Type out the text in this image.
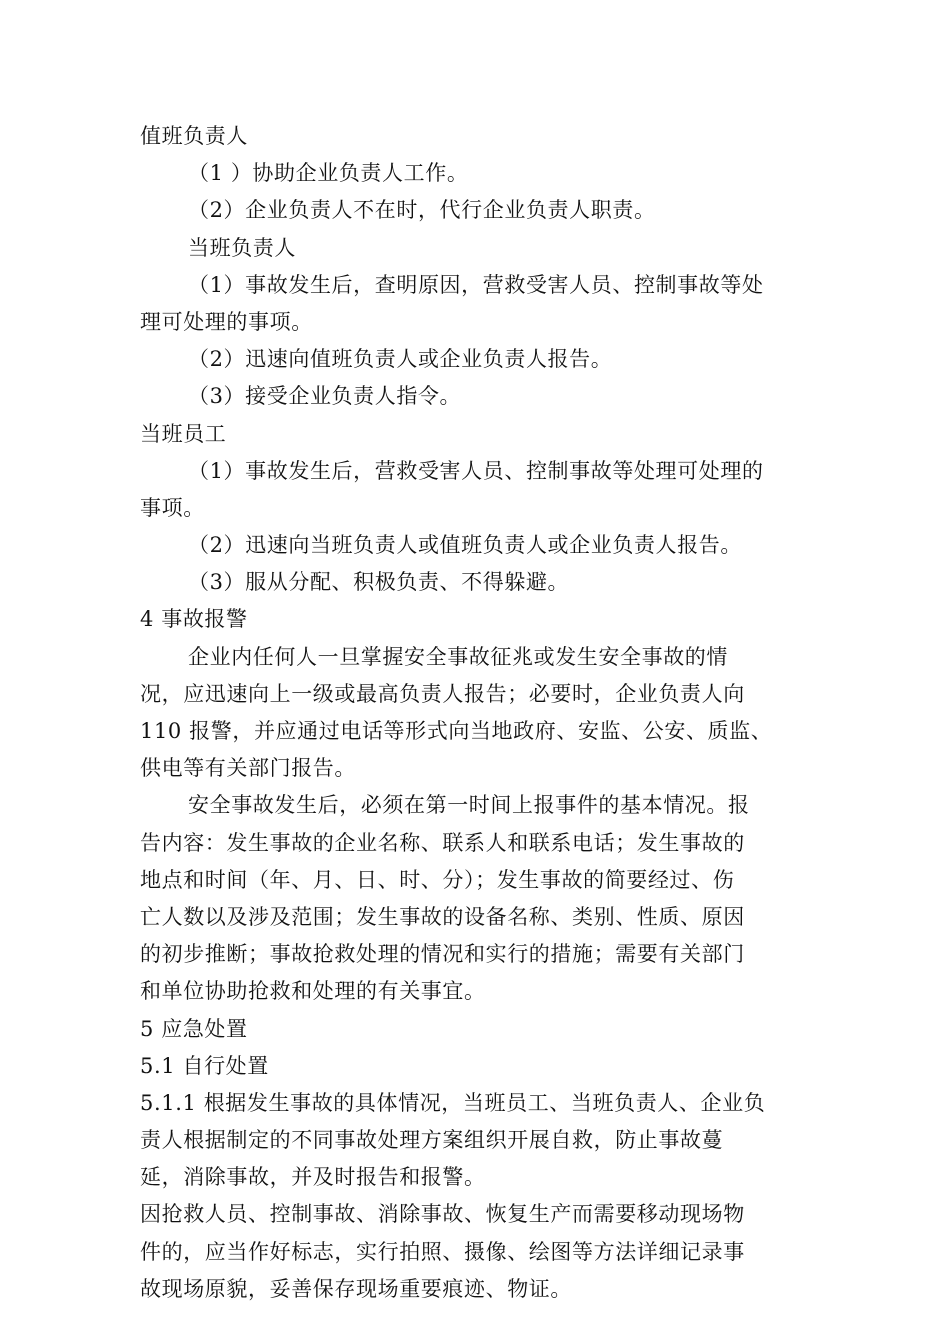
值班负责人
（1 ）协助企业负责人工作。
（2）企业负责人不在时，代行企业负责人职责。
当班负责人
（1）事故发生后，查明原因，营救受害人员、控制事故等处
理可处理的事项。
（2）迅速向值班负责人或企业负责人报告。
（3）接受企业负责人指令。
当班员工
（1）事故发生后，营救受害人员、控制事故等处理可处理的
事项。
（2）迅速向当班负责人或值班负责人或企业负责人报告。
（3）服从分配、积极负责、不得躲避。
4 事故报警
企业内任何人一旦掌握安全事故征兆或发生安全事故的情
况，应迅速向上一级或最高负责人报告；必要时，企业负责人向
110 报警，并应通过电话等形式向当地政府、安监、公安、质监、
供电等有关部门报告。
安全事故发生后，必须在第一时间上报事件的基本情况。报
告内容：发生事故的企业名称、联系人和联系电话；发生事故的
地点和时间（年、月、日、时、分）；发生事故的简要经过、伤
亡人数以及涉及范围；发生事故的设备名称、类别、性质、原因
的初步推断；事故抢救处理的情况和实行的措施；需要有关部门
和单位协助抢救和处理的有关事宜。
5 应急处置
5.1 自行处置
5.1.1 根据发生事故的具体情况，当班员工、当班负责人、企业负
责人根据制定的不同事故处理方案组织开展自救，防止事故蔓
延，消除事故，并及时报告和报警。
因抢救人员、控制事故、消除事故、恢复生产而需要移动现场物
件的，应当作好标志，实行拍照、摄像、绘图等方法详细记录事
故现场原貌，妥善保存现场重要痕迹、物证。
